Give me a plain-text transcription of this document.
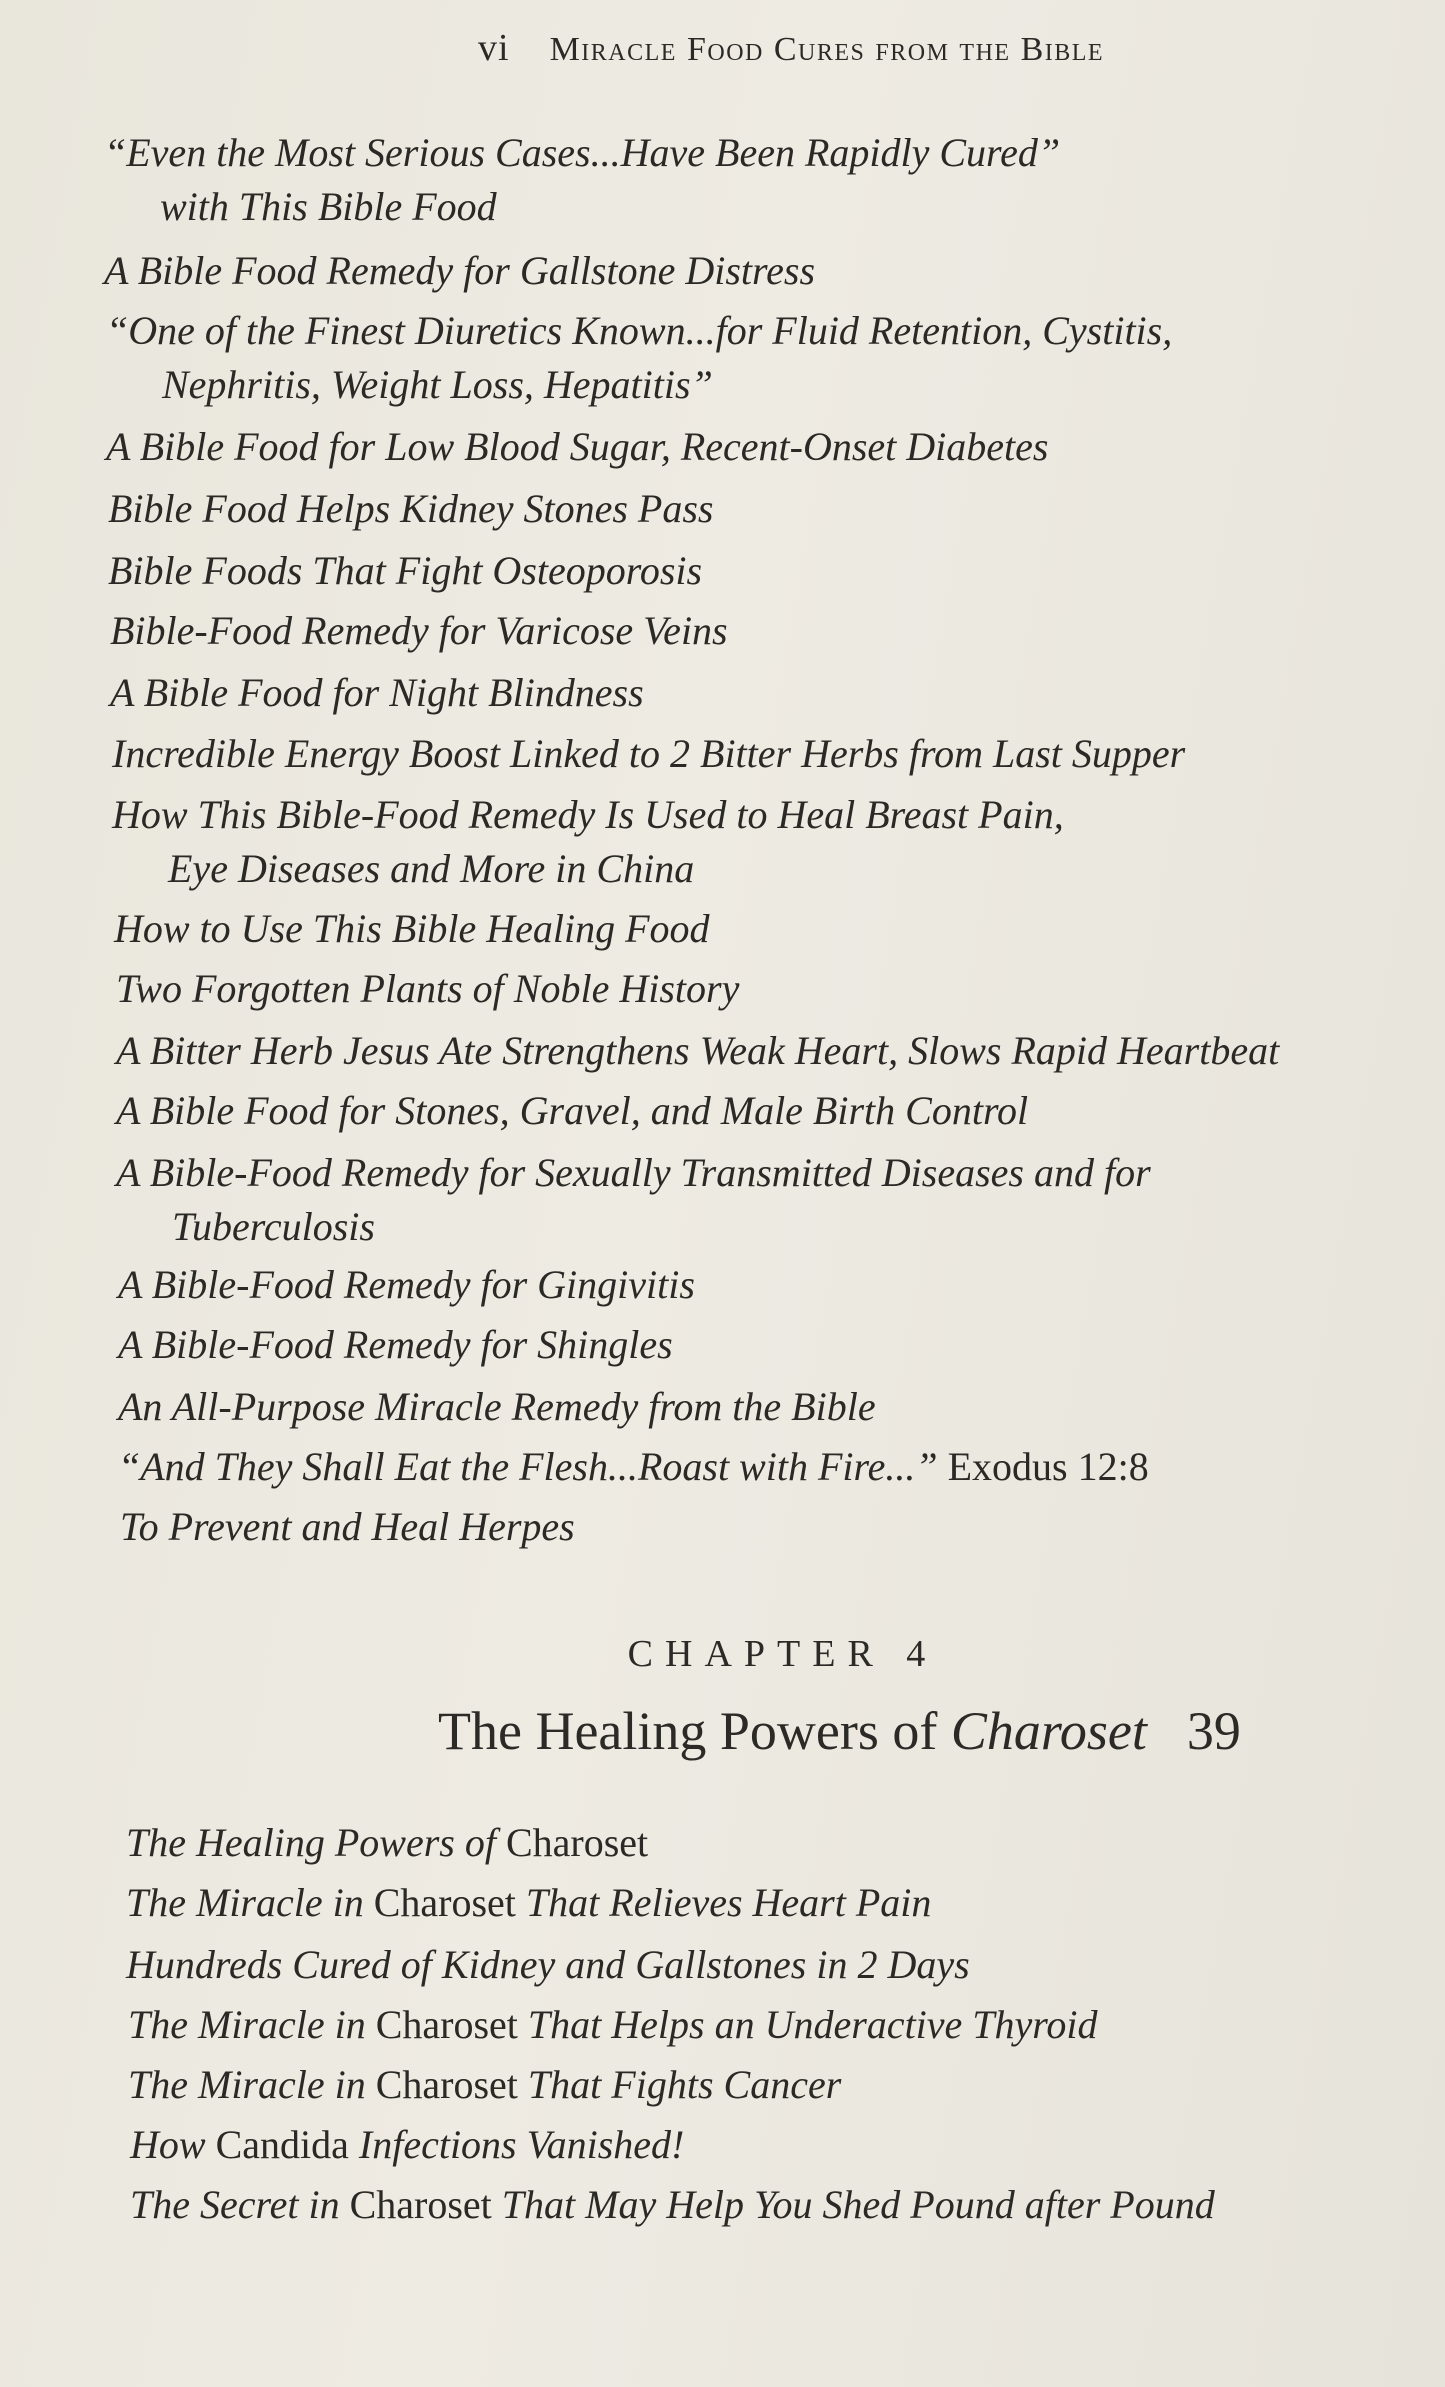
vi Miracle Food Cures from the Bible
“Even the Most Serious Cases...Have Been Rapidly Cured”
with This Bible Food
A Bible Food Remedy for Gallstone Distress
“One of the Finest Diuretics Known...for Fluid Retention, Cystitis,
Nephritis, Weight Loss, Hepatitis”
A Bible Food for Low Blood Sugar, Recent-Onset Diabetes
Bible Food Helps Kidney Stones Pass
Bible Foods That Fight Osteoporosis
Bible-Food Remedy for Varicose Veins
A Bible Food for Night Blindness
Incredible Energy Boost Linked to 2 Bitter Herbs from Last Supper
How This Bible-Food Remedy Is Used to Heal Breast Pain,
Eye Diseases and More in China
How to Use This Bible Healing Food
Two Forgotten Plants of Noble History
A Bitter Herb Jesus Ate Strengthens Weak Heart, Slows Rapid Heartbeat
A Bible Food for Stones, Gravel, and Male Birth Control
A Bible-Food Remedy for Sexually Transmitted Diseases and for
Tuberculosis
A Bible-Food Remedy for Gingivitis
A Bible-Food Remedy for Shingles
An All-Purpose Miracle Remedy from the Bible
“And They Shall Eat the Flesh...Roast with Fire...” Exodus 12:8
To Prevent and Heal Herpes
CHAPTER 4
The Healing Powers of Charoset 39
The Healing Powers of Charoset
The Miracle in Charoset That Relieves Heart Pain
Hundreds Cured of Kidney and Gallstones in 2 Days
The Miracle in Charoset That Helps an Underactive Thyroid
The Miracle in Charoset That Fights Cancer
How Candida Infections Vanished!
The Secret in Charoset That May Help You Shed Pound after Pound
